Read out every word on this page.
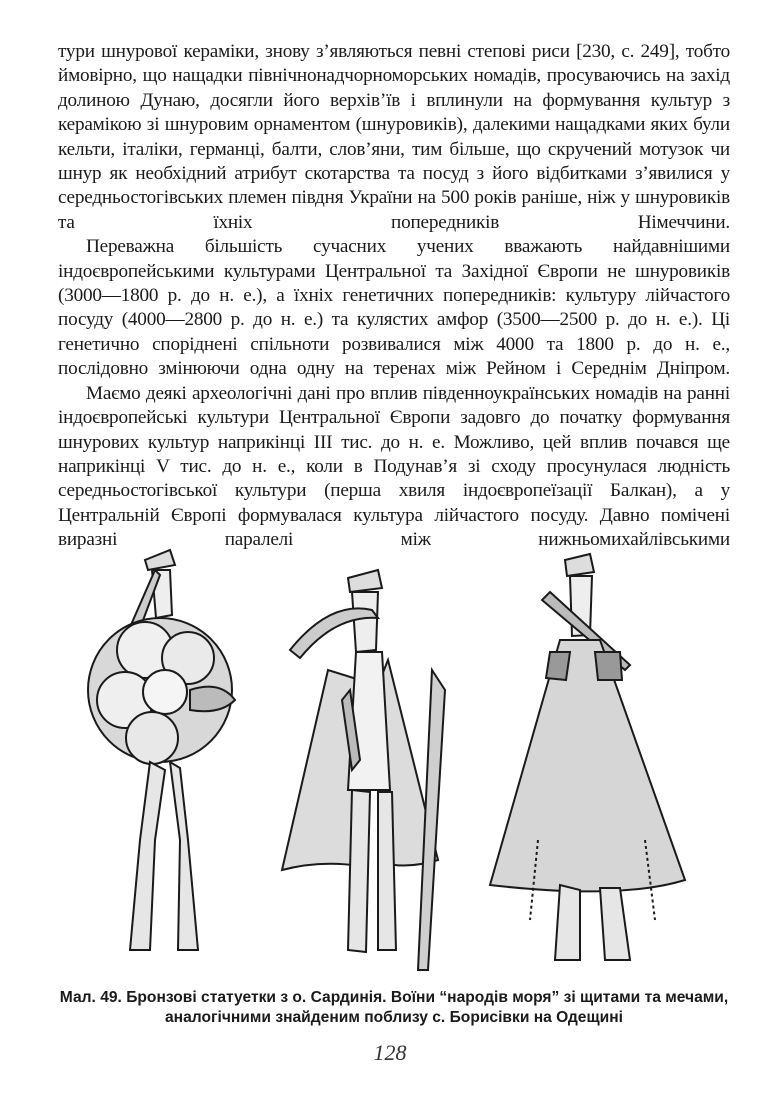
тури шнурової кераміки, знову з’являються певні степові риси [230, с. 249], тобто ймовірно, що нащадки північнонадчорноморських номадів, просуваючись на захід долиною Дунаю, досягли його верхів’їв і вплинули на формування культур з керамікою зі шнуровим орнаментом (шнуровиків), далекими нащадками яких були кельти, італіки, германці, балти, слов’яни, тим більше, що скручений мотузок чи шнур як необхідний атрибут скотарства та посуд з його відбитками з’явилися у середньостогівських племен півдня України на 500 років раніше, ніж у шнуровиків та їхніх попередників Німеччини.

Переважна більшість сучасних учених вважають найдавнішими індоєвропейськими культурами Центральної та Західної Європи не шнуровиків (3000—1800 р. до н. е.), а їхніх генетичних попередників: культуру лійчастого посуду (4000—2800 р. до н. е.) та кулястих амфор (3500—2500 р. до н. е.). Ці генетично споріднені спільноти розвивалися між 4000 та 1800 р. до н. е., послідовно змінюючи одна одну на теренах між Рейном і Середнім Дніпром.

Маємо деякі археологічні дані про вплив південноукраїнських номадів на ранні індоєвропейські культури Центральної Європи задовго до початку формування шнурових культур наприкінці III тис. до н. е. Можливо, цей вплив почався ще наприкінці V тис. до н. е., коли в Подунав’я зі сходу просунулася людність середньостогівської культури (перша хвиля індоєвропеїзації Балкан), а у Центральній Європі формувалася культура лійчастого посуду. Давно помічені виразні паралелі між нижньомихайлівськими

Мал. 49. Бронзові статуетки з о. Сардинія. Воїни “народів моря” зі щитами та мечами, аналогічними знайденим поблизу с. Борисівки на Одещині
128
